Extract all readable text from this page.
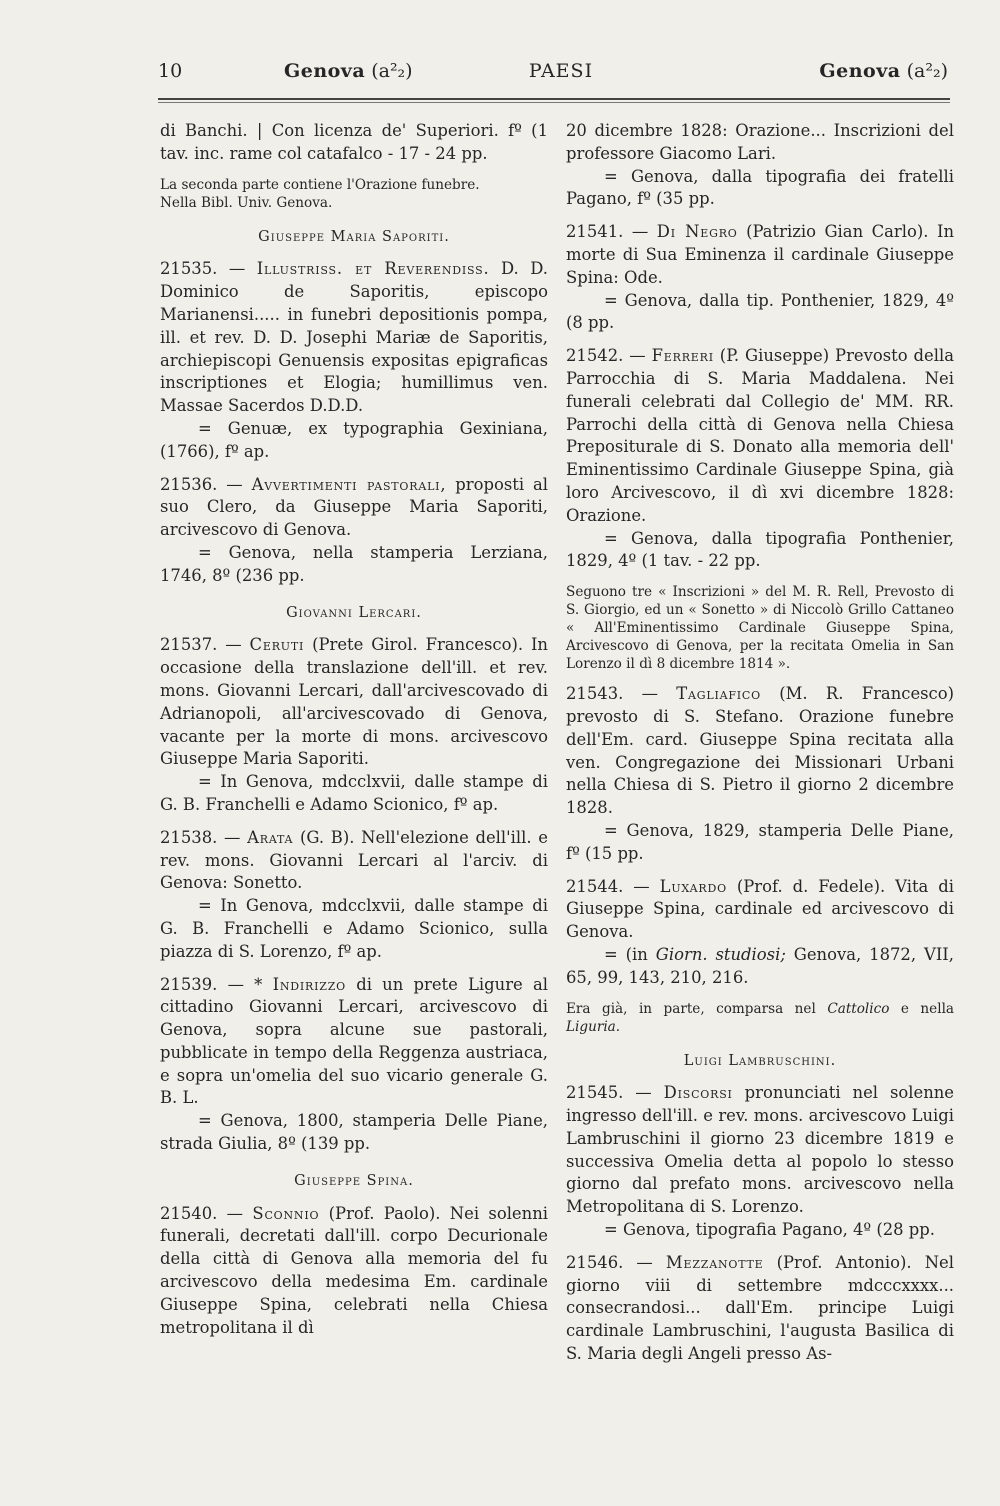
10	Genova (a²₂)	PAESI	Genova (a²₂)

di Banchi. | Con licenza de' Superiori. fº (1 tav. inc. rame col catafalco - 17 - 24 pp.

La seconda parte contiene l'Orazione funebre.

Nella Bibl. Univ. Genova.

Giuseppe Maria Saporiti.

21535. — Illustriss. et Reverendiss. D. D. Dominico de Saporitis, episcopo Marianensi..... in funebri depositionis pompa, ill. et rev. D. D. Josephi Mariæ de Saporitis, archiepiscopi Genuensis expositas epigraficas inscriptiones et Elogia; humillimus ven. Massae Sacerdos D.D.D.

= Genuæ, ex typographia Gexiniana, (1766), fº ap.

21536. — Avvertimenti pastorali, proposti al suo Clero, da Giuseppe Maria Saporiti, arcivescovo di Genova.

= Genova, nella stamperia Lerziana, 1746, 8º (236 pp.

Giovanni Lercari.

21537. — Ceruti (Prete Girol. Francesco). In occasione della translazione dell'ill. et rev. mons. Giovanni Lercari, dall'arcivescovado di Adrianopoli, all'arcivescovado di Genova, vacante per la morte di mons. arcivescovo Giuseppe Maria Saporiti.

= In Genova, mdcclxvii, dalle stampe di G. B. Franchelli e Adamo Scionico, fº ap.

21538. — Arata (G. B). Nell'elezione dell'ill. e rev. mons. Giovanni Lercari al l'arciv. di Genova: Sonetto.

= In Genova, mdcclxvii, dalle stampe di G. B. Franchelli e Adamo Scionico, sulla piazza di S. Lorenzo, fº ap.

21539. — * Indirizzo di un prete Ligure al cittadino Giovanni Lercari, arcivescovo di Genova, sopra alcune sue pastorali, pubblicate in tempo della Reggenza austriaca, e sopra un'omelia del suo vicario generale G. B. L.

= Genova, 1800, stamperia Delle Piane, strada Giulia, 8º (139 pp.

Giuseppe Spina.

21540. — Sconnio (Prof. Paolo). Nei solenni funerali, decretati dall'ill. corpo Decurionale della città di Genova alla memoria del fu arcivescovo della medesima Em. cardinale Giuseppe Spina, celebrati nella Chiesa metropolitana il dì

20 dicembre 1828: Orazione... Inscrizioni del professore Giacomo Lari.

= Genova, dalla tipografia dei fratelli Pagano, fº (35 pp.

21541. — Di Negro (Patrizio Gian Carlo). In morte di Sua Eminenza il cardinale Giuseppe Spina: Ode.

= Genova, dalla tip. Ponthenier, 1829, 4º (8 pp.

21542. — Ferreri (P. Giuseppe) Prevosto della Parrocchia di S. Maria Maddalena. Nei funerali celebrati dal Collegio de' MM. RR. Parrochi della città di Genova nella Chiesa Prepositurale di S. Donato alla memoria dell' Eminentissimo Cardinale Giuseppe Spina, già loro Arcivescovo, il dì xvi dicembre 1828: Orazione.

= Genova, dalla tipografia Ponthenier, 1829, 4º (1 tav. - 22 pp.

Seguono tre « Inscrizioni » del M. R. Rell, Prevosto di S. Giorgio, ed un « Sonetto » di Niccolò Grillo Cattaneo « All'Eminentissimo Cardinale Giuseppe Spina, Arcivescovo di Genova, per la recitata Omelia in San Lorenzo il dì 8 dicembre 1814 ».

21543. — Tagliafico (M. R. Francesco) prevosto di S. Stefano. Orazione funebre dell'Em. card. Giuseppe Spina recitata alla ven. Congregazione dei Missionari Urbani nella Chiesa di S. Pietro il giorno 2 dicembre 1828.

= Genova, 1829, stamperia Delle Piane, fº (15 pp.

21544. — Luxardo (Prof. d. Fedele). Vita di Giuseppe Spina, cardinale ed arcivescovo di Genova.

= (in Giorn. studiosi; Genova, 1872, VII, 65, 99, 143, 210, 216.

Era già, in parte, comparsa nel Cattolico e nella Liguria.

Luigi Lambruschini.

21545. — Discorsi pronunciati nel solenne ingresso dell'ill. e rev. mons. arcivescovo Luigi Lambruschini il giorno 23 dicembre 1819 e successiva Omelia detta al popolo lo stesso giorno dal prefato mons. arcivescovo nella Metropolitana di S. Lorenzo.

= Genova, tipografia Pagano, 4º (28 pp.

21546. — Mezzanotte (Prof. Antonio). Nel giorno viii di settembre mdcccxxxx... consecrandosi... dall'Em. principe Luigi cardinale Lambruschini, l'augusta Basilica di S. Maria degli Angeli presso As-
